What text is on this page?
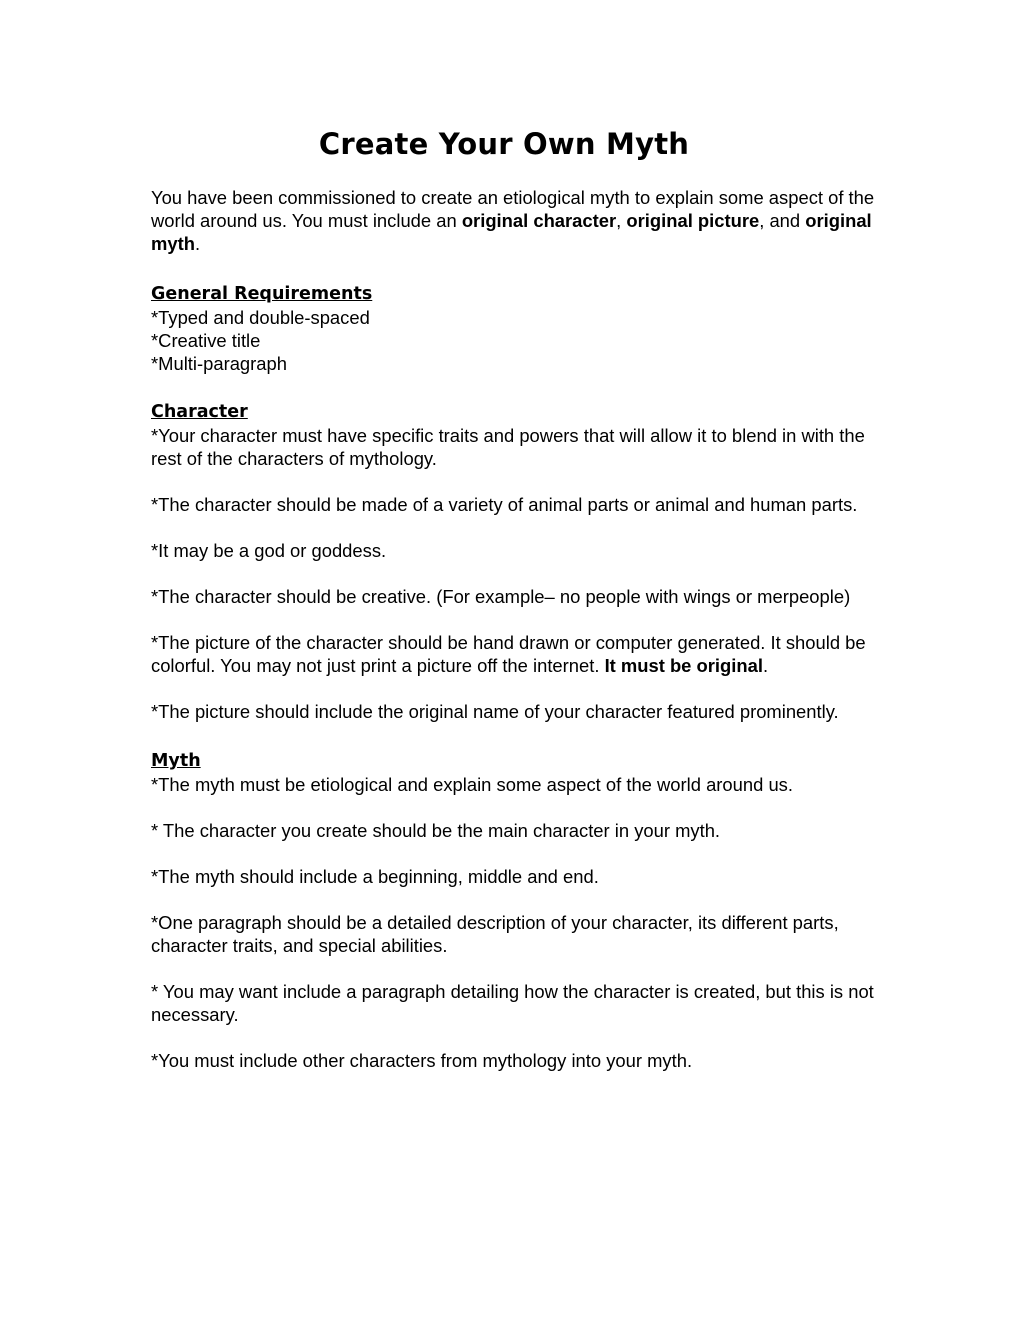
Create Your Own Myth

You have been commissioned to create an etiological myth to explain some aspect of the world around us. You must include an original character, original picture, and original myth.

General Requirements

*Typed and double-spaced

*Creative title

*Multi-paragraph

Character

*Your character must have specific traits and powers that will allow it to blend in with the rest of the characters of mythology.

*The character should be made of a variety of animal parts or animal and human parts.

*It may be a god or goddess.

*The character should be creative. (For example– no people with wings or merpeople)

*The picture of the character should be hand drawn or computer generated. It should be colorful. You may not just print a picture off the internet. It must be original.

*The picture should include the original name of your character featured prominently.

Myth

*The myth must be etiological and explain some aspect of the world around us.

* The character you create should be the main character in your myth.

*The myth should include a beginning, middle and end.

*One paragraph should be a detailed description of your character, its different parts, character traits, and special abilities.

* You may want include a paragraph detailing how the character is created, but this is not necessary.

*You must include other characters from mythology into your myth.
